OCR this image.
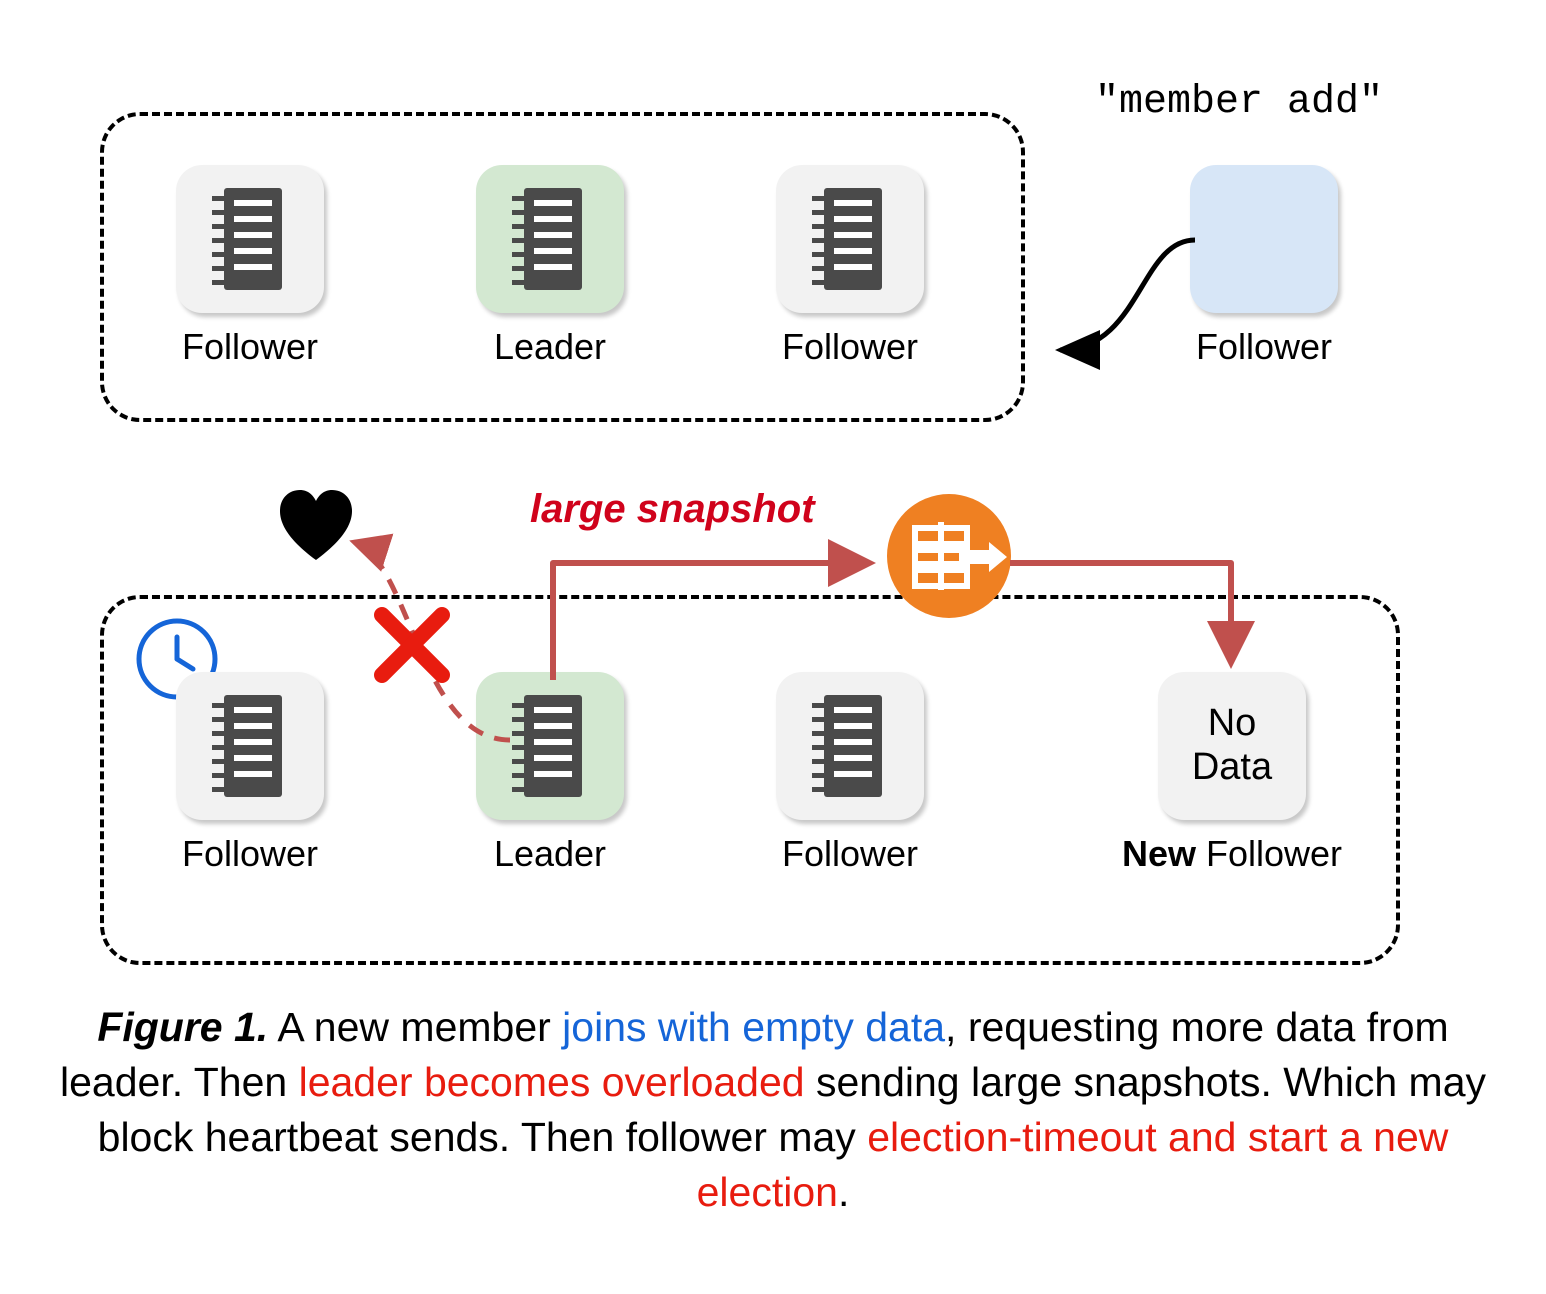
Follower	Leader	Follower
"member add"
Follower
Follower	Leader	Follower
No
Data
New Follower
large snapshot
Figure 1. A new member joins with empty data, requesting more data from leader. Then leader becomes overloaded sending large snapshots. Which may block heartbeat sends. Then follower may election-timeout and start a new election.
